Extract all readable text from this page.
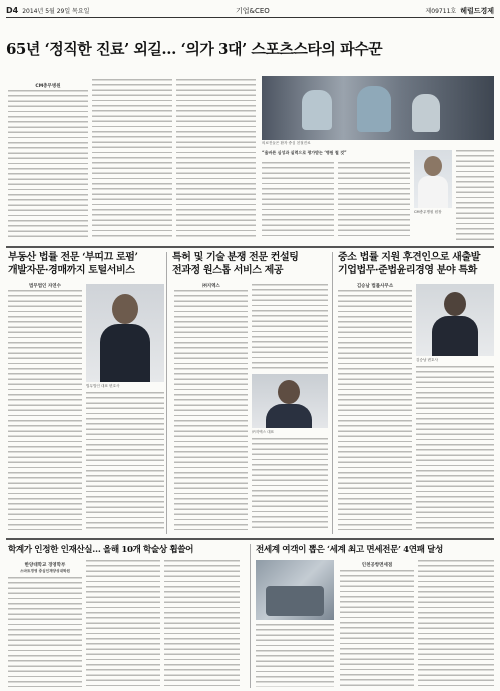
D4 2014년 5월 29일 목요일	기업&CEO	제09711호 헤럴드경제
65년 ‘정직한 진료’ 외길… ‘의가 3대’ 스포츠스타의 파수꾼
CM충무병원
의료진들은 환자 중심 친절진료
“올바른 심성과 실력으로 평가받는 ‘병원 철 것”
CM충무병원 원장
부동산 법률 전문 ‘부띠끄 로펌’
개발자문·경매까지 토털서비스
법무법인 자연수
법무법인 대표 변호사
특허 및 기술 분쟁 전문 컨설팅
전과정 원스톱 서비스 제공
㈜지엑스
㈜지엑스 대표
중소 법률 지원 후견인으로 새출발
기업법무·준법윤리경영 분야 특화
김승남 법률사무소
김승남 변호사
학계가 인정한 인재산실… 올해 10개 학술상 휩쓸어
한양대학교 경영학부
스마트경영 중심인재양성대학원
전세계 여객이 뽑은 ‘세계 최고 면세전문’ 4연패 달성
인천공항면세점
